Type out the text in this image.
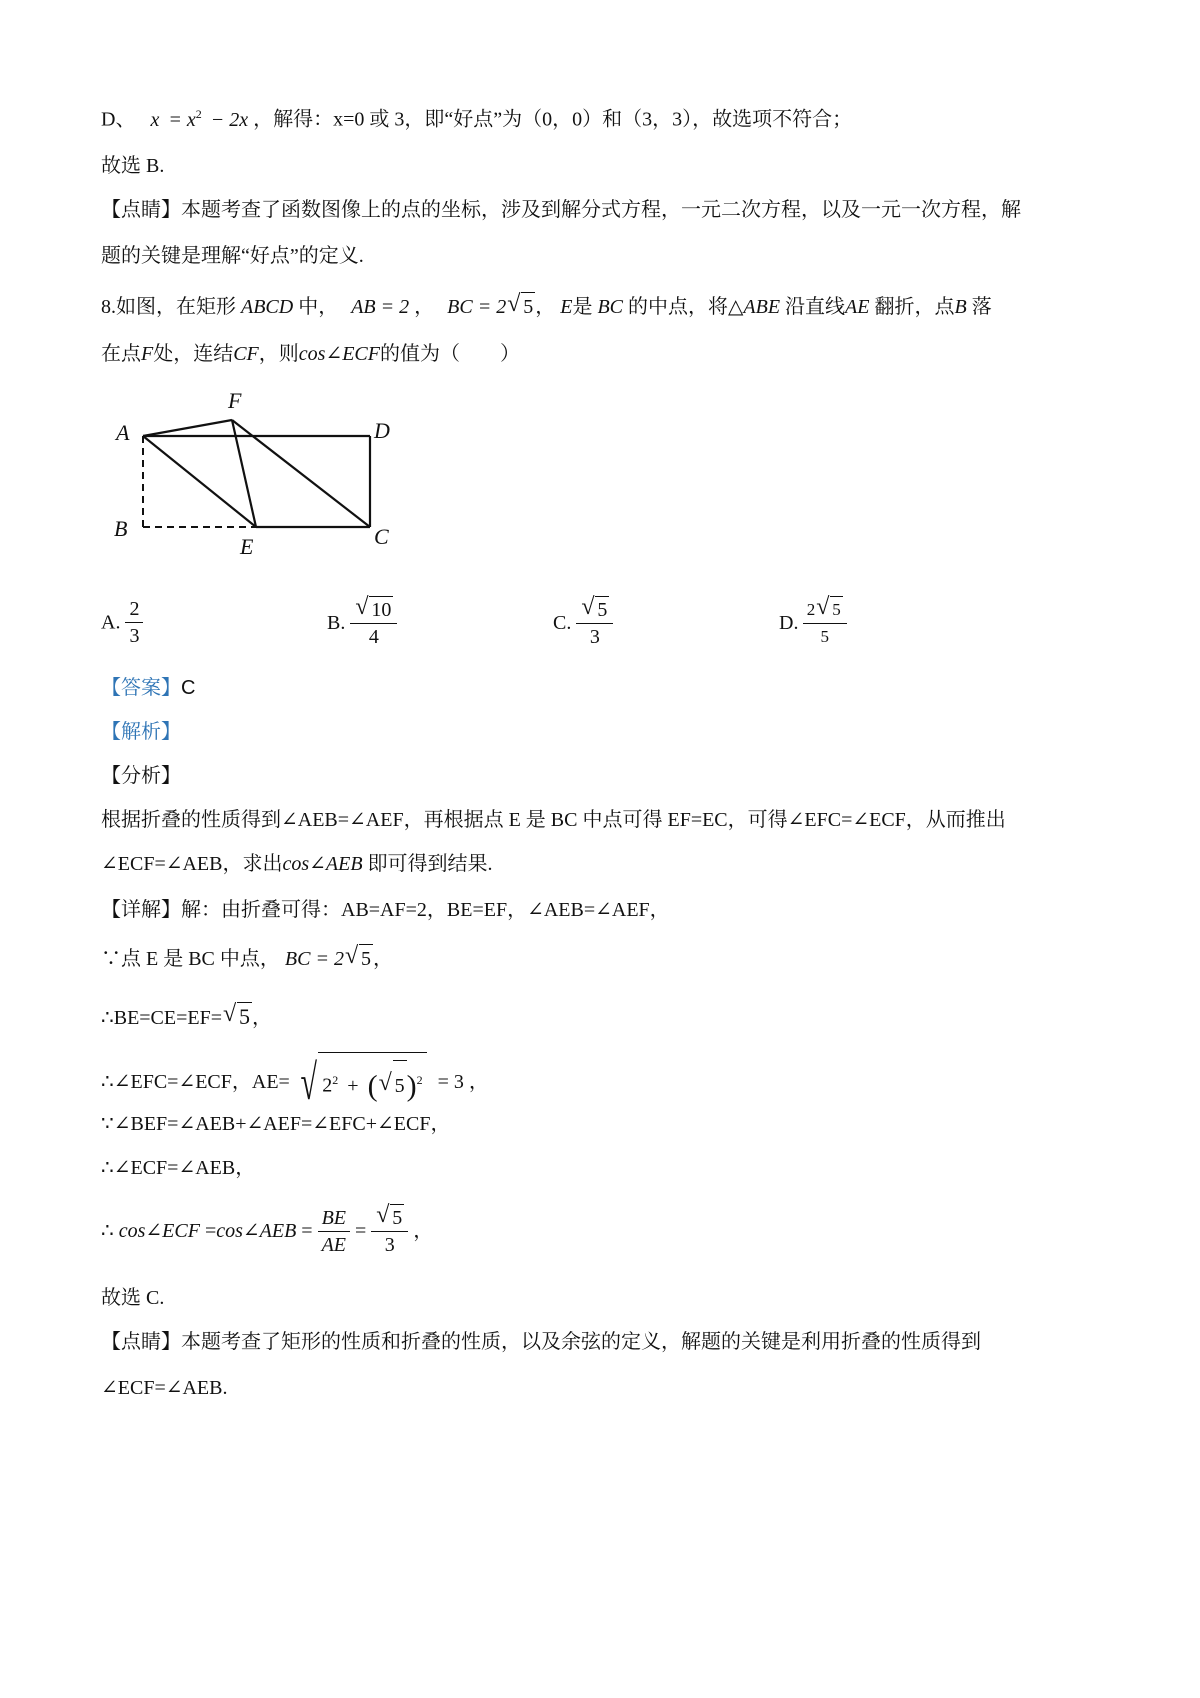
D、 $x = x^2 - 2x$ ，解得：x=0 或 3，即“好点”为（0，0）和（3，3），故选项不符合；
故选 B.
【点睛】本题考查了函数图像上的点的坐标，涉及到解分式方程，一元二次方程，以及一元一次方程，解
题的关键是理解“好点”的定义.
8.如图，在矩形 ABCD 中， AB = 2 ， BC = 2 √ 5 ， E是 BC 的中点，将△ABE 沿直线AE 翻折，点B 落
在点F处，连结CF，则cos∠ECF的值为（　　）
A
F
D
B
E	C
A. $\frac{2}{3}$	B. √ $\frac{10}{4}$	C. √ $\frac{5}{3}$	D. $\frac{2 √ 5}{5}$
【答案】C
【解析】
【分析】
根据折叠的性质得到∠AEB=∠AEF，再根据点 E 是 BC 中点可得 EF=EC，可得∠EFC=∠ECF，从而推出
∠ECF=∠AEB，求出cos∠AEB 即可得到结果.
【详解】解：由折叠可得：AB=AF=2，BE=EF，∠AEB=∠AEF，
∵点 E 是 BC 中点， BC = 2 √ 5 ，
∴BE=CE=EF= √ 5 ，
∴∠EFC=∠ECF，AE= √ $2^2$ + ( √ 5)$^2$ = 3 ，
∵∠BEF=∠AEB+∠AEF=∠EFC+∠ECF，
∴∠ECF=∠AEB，
∴ cos∠ECF =cos∠AEB = $\frac{BE}{AE}$ = √ $\frac{5}{3}$ ，
故选 C.
【点睛】本题考查了矩形的性质和折叠的性质，以及余弦的定义，解题的关键是利用折叠的性质得到
∠ECF=∠AEB.
